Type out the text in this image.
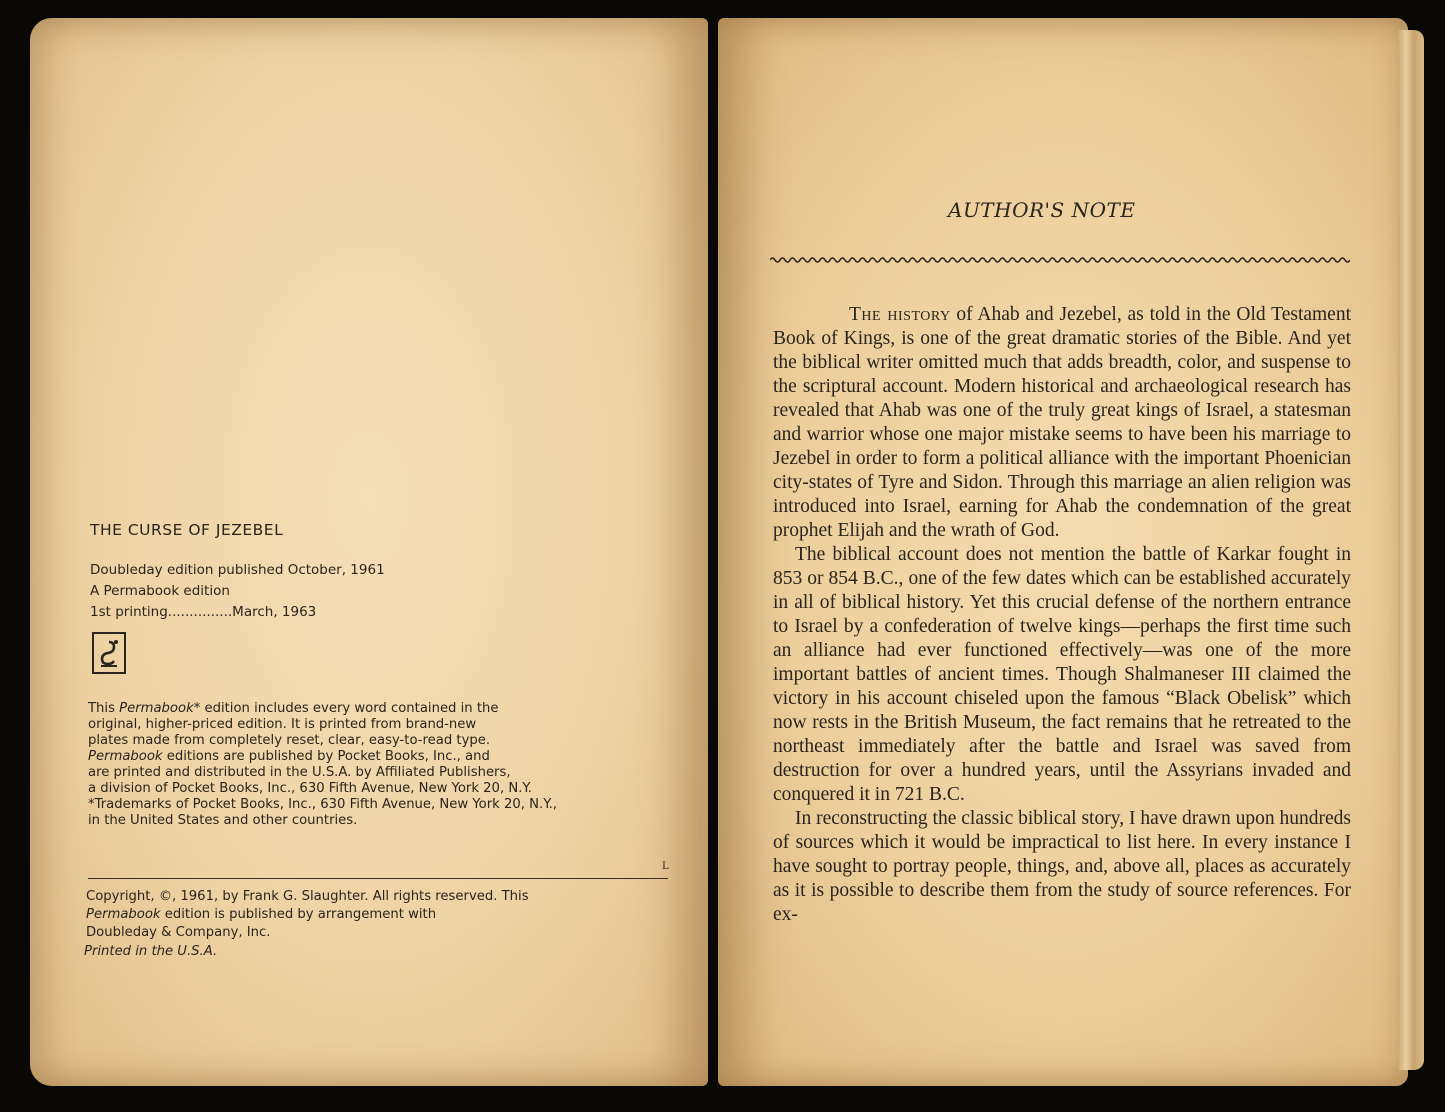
THE CURSE OF JEZEBEL
Doubleday edition published October, 1961
A Permabook edition
1st printing...............March, 1963
This Permabook* edition includes every word contained in the
original, higher-priced edition. It is printed from brand-new
plates made from completely reset, clear, easy-to-read type.
Permabook editions are published by Pocket Books, Inc., and
are printed and distributed in the U.S.A. by Affiliated Publishers,
a division of Pocket Books, Inc., 630 Fifth Avenue, New York 20, N.Y.
*Trademarks of Pocket Books, Inc., 630 Fifth Avenue, New York 20, N.Y.,
in the United States and other countries.
L
Copyright, ©, 1961, by Frank G. Slaughter. All rights reserved. This
Permabook edition is published by arrangement with
Doubleday & Company, Inc.
Printed in the U.S.A.
AUTHOR'S NOTE

The history of Ahab and Jezebel, as told in the Old Testament Book of Kings, is one of the great dramatic stories of the Bible. And yet the biblical writer omitted much that adds breadth, color, and suspense to the scriptural account. Modern historical and archaeological research has revealed that Ahab was one of the truly great kings of Israel, a statesman and warrior whose one major mistake seems to have been his marriage to Jezebel in order to form a political alliance with the important Phoenician city-states of Tyre and Sidon. Through this marriage an alien religion was introduced into Israel, earning for Ahab the condemnation of the great prophet Elijah and the wrath of God.

The biblical account does not mention the battle of Karkar fought in 853 or 854 B.C., one of the few dates which can be established accurately in all of biblical history. Yet this crucial defense of the northern entrance to Israel by a confederation of twelve kings—perhaps the first time such an alliance had ever functioned effectively—was one of the more important battles of ancient times. Though Shalmaneser III claimed the victory in his account chiseled upon the famous “Black Obelisk” which now rests in the British Museum, the fact remains that he retreated to the northeast immediately after the battle and Israel was saved from destruction for over a hundred years, until the Assyrians invaded and conquered it in 721 B.C.

In reconstructing the classic biblical story, I have drawn upon hundreds of sources which it would be impractical to list here. In every instance I have sought to portray people, things, and, above all, places as accurately as it is possible to describe them from the study of source references. For ex-
